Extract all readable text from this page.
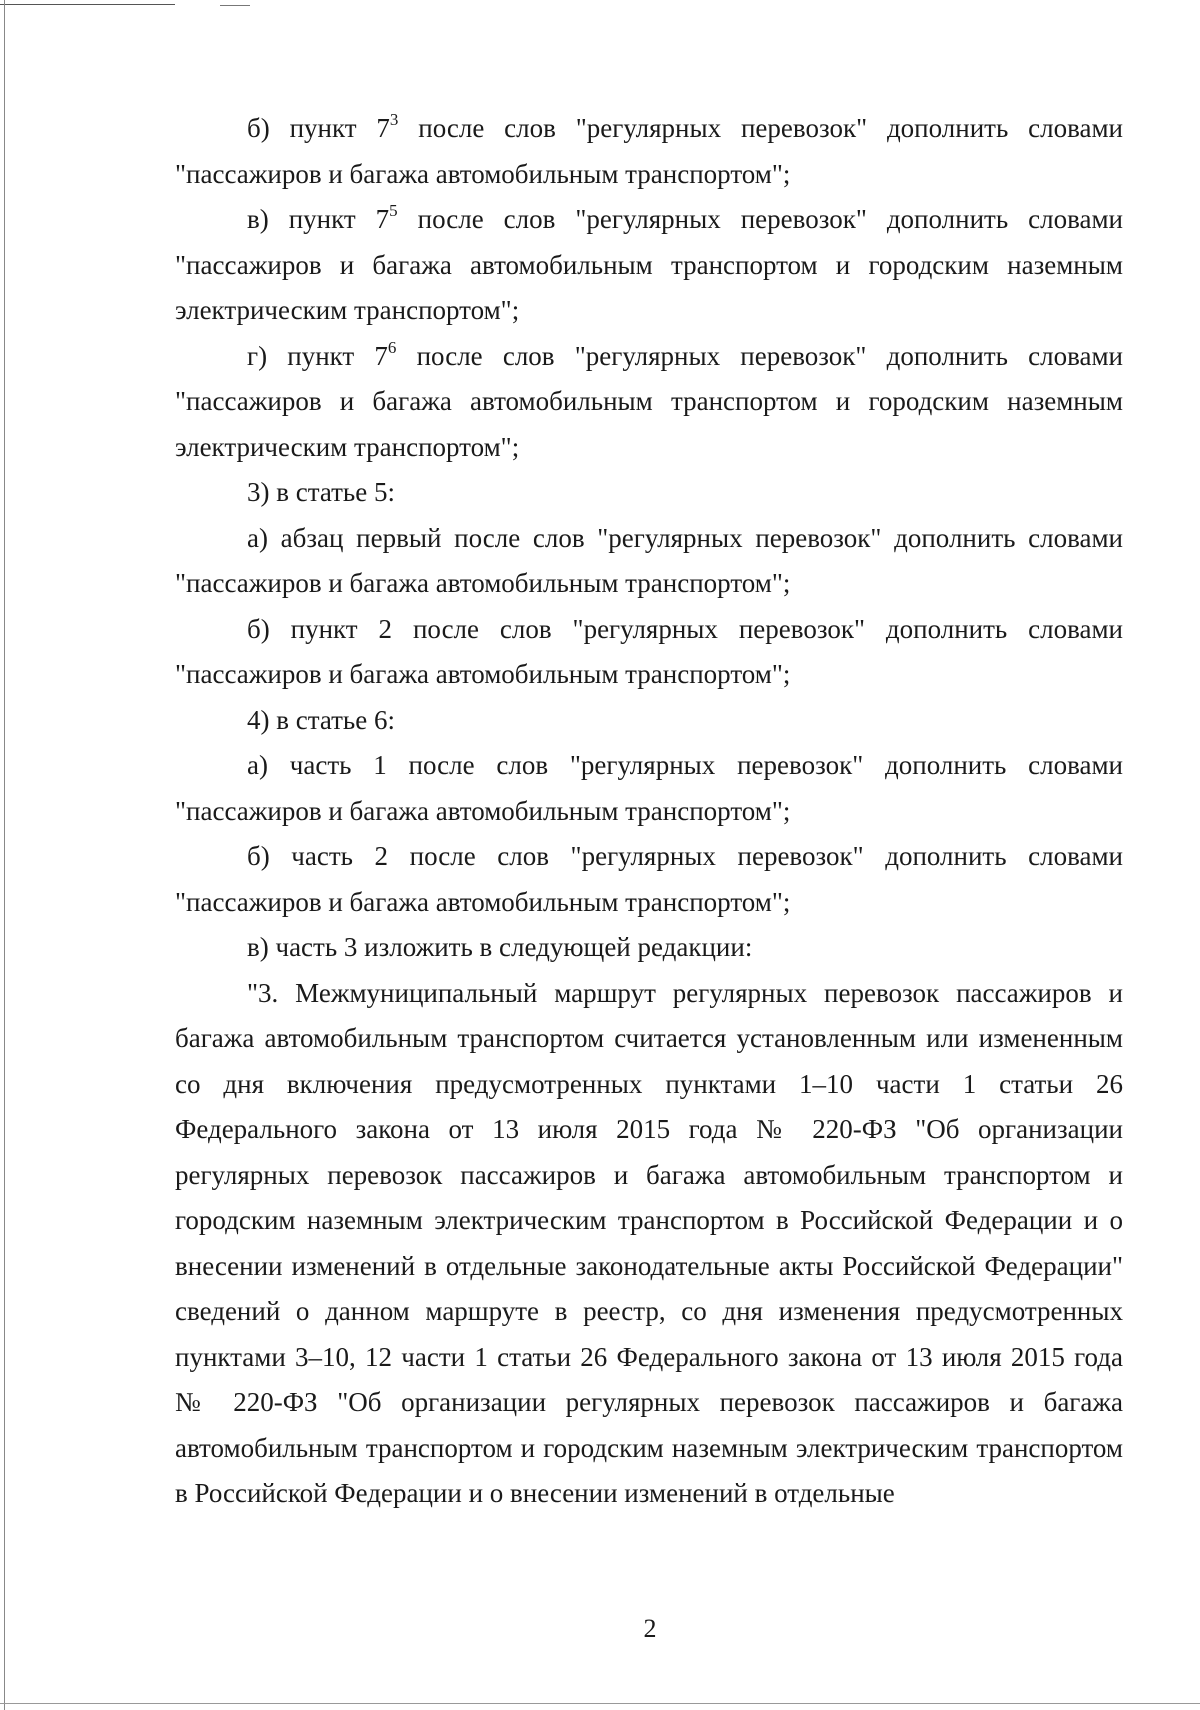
б) пункт $7^3$ после слов "регулярных перевозок" дополнить словами "пассажиров и багажа автомобильным транспортом";

в) пункт $7^5$ после слов "регулярных перевозок" дополнить словами "пассажиров и багажа автомобильным транспортом и городским наземным электрическим транспортом";

г) пункт $7^6$ после слов "регулярных перевозок" дополнить словами "пассажиров и багажа автомобильным транспортом и городским наземным электрическим транспортом";

3) в статье 5:

а) абзац первый после слов "регулярных перевозок" дополнить словами "пассажиров и багажа автомобильным транспортом";

б) пункт 2 после слов "регулярных перевозок" дополнить словами "пассажиров и багажа автомобильным транспортом";

4) в статье 6:

а) часть 1 после слов "регулярных перевозок" дополнить словами "пассажиров и багажа автомобильным транспортом";

б) часть 2 после слов "регулярных перевозок" дополнить словами "пассажиров и багажа автомобильным транспортом";

в) часть 3 изложить в следующей редакции:

"3. Межмуниципальный маршрут регулярных перевозок пассажиров и багажа автомобильным транспортом считается установленным или измененным со дня включения предусмотренных пунктами 1–10 части 1 статьи 26 Федерального закона от 13 июля 2015 года № 220-ФЗ "Об организации регулярных перевозок пассажиров и багажа автомобильным транспортом и городским наземным электрическим транспортом в Российской Федерации и о внесении изменений в отдельные законодательные акты Российской Федерации" сведений о данном маршруте в реестр, со дня изменения предусмотренных пунктами 3–10, 12 части 1 статьи 26 Федерального закона от 13 июля 2015 года № 220-ФЗ "Об организации регулярных перевозок пассажиров и багажа автомобильным транспортом и городским наземным электрическим транспортом в Российской Федерации и о внесении изменений в отдельные

2
